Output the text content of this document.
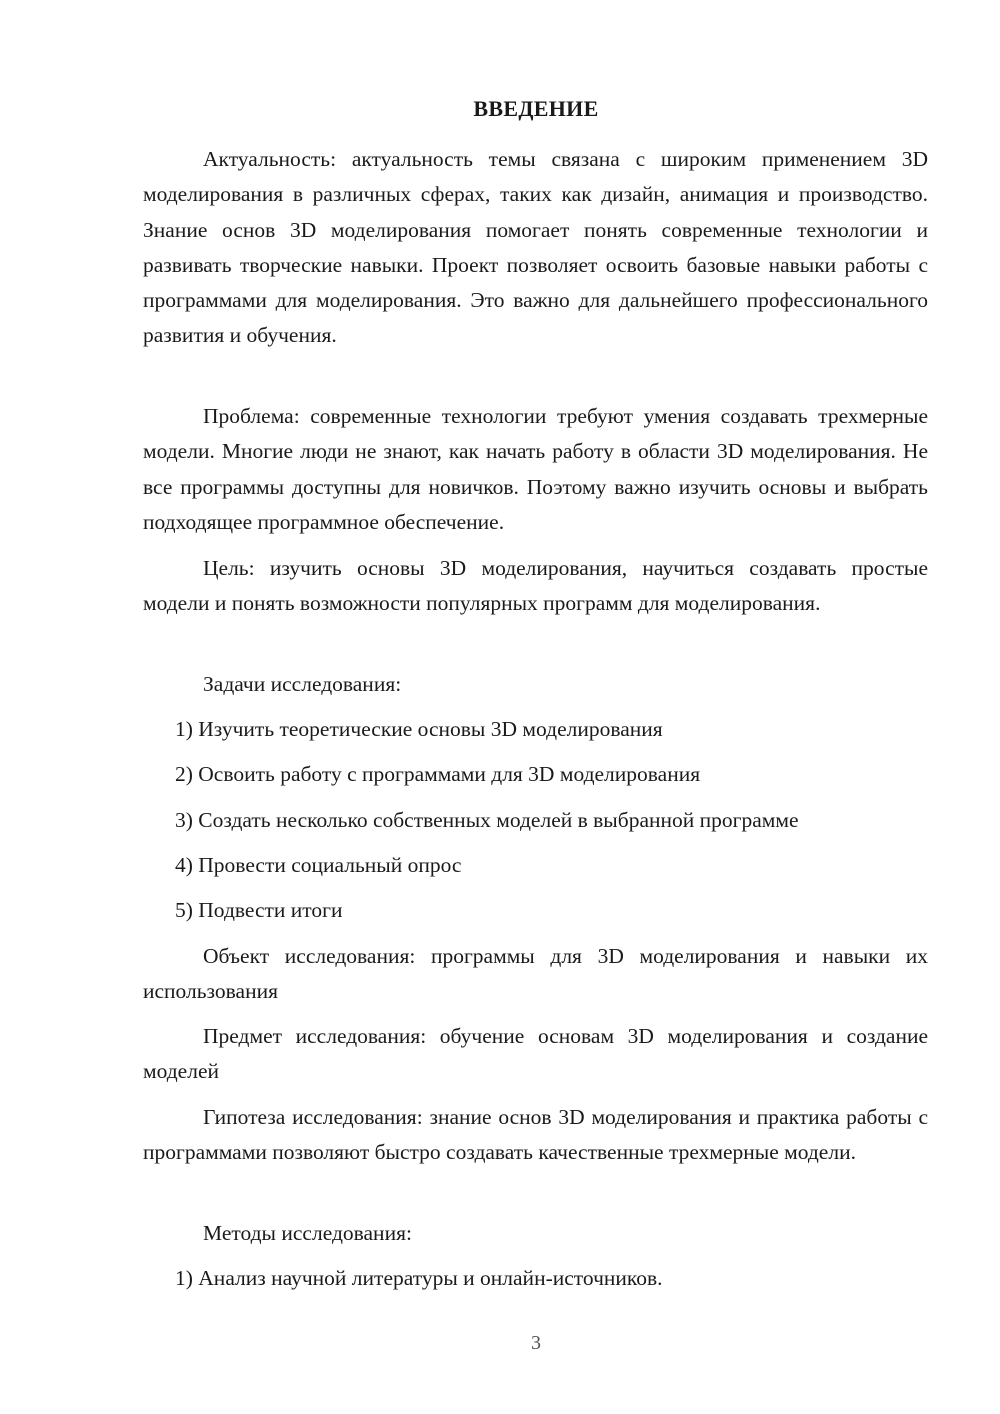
ВВЕДЕНИЕ

Актуальность: актуальность темы связана с широким применением 3D моделирования в различных сферах, таких как дизайн, анимация и производство. Знание основ 3D моделирования помогает понять современные технологии и развивать творческие навыки. Проект позволяет освоить базовые навыки работы с программами для моделирования. Это важно для дальнейшего профессионального развития и обучения.

Проблема: современные технологии требуют умения создавать трехмерные модели. Многие люди не знают, как начать работу в области 3D моделирования. Не все программы доступны для новичков. Поэтому важно изучить основы и выбрать подходящее программное обеспечение.

Цель: изучить основы 3D моделирования, научиться создавать простые модели и понять возможности популярных программ для моделирования.

Задачи исследования:

1) Изучить теоретические основы 3D моделирования

2) Освоить работу с программами для 3D моделирования

3) Создать несколько собственных моделей в выбранной программе

4) Провести социальный опрос

5) Подвести итоги

Объект исследования: программы для 3D моделирования и навыки их использования

Предмет исследования: обучение основам 3D моделирования и создание моделей

Гипотеза исследования: знание основ 3D моделирования и практика работы с программами позволяют быстро создавать качественные трехмерные модели.

Методы исследования:

1) Анализ научной литературы и онлайн-источников.

3
